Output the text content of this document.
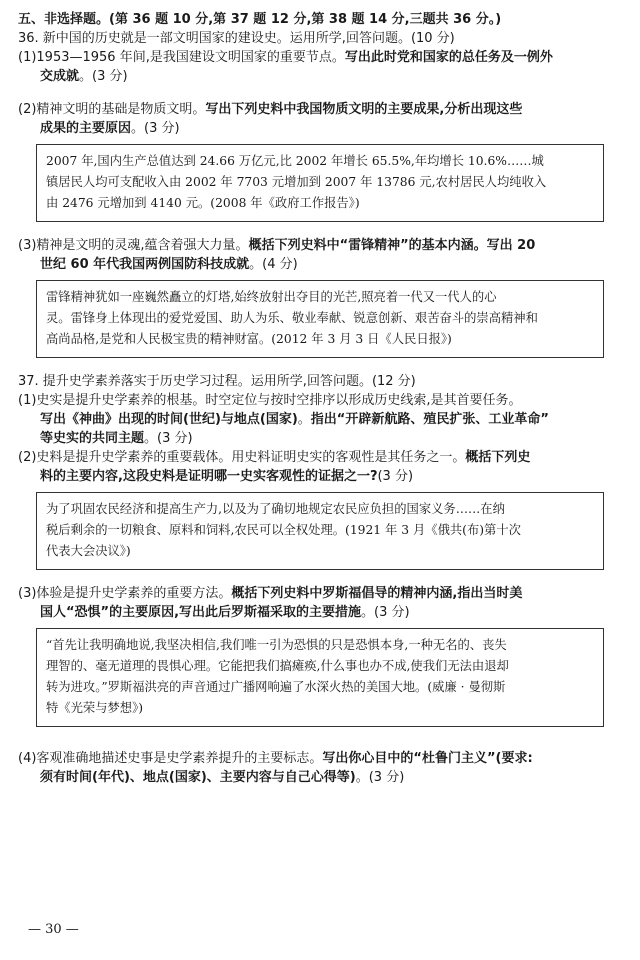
五、非选择题。(第 36 题 10 分,第 37 题 12 分,第 38 题 14 分,三题共 36 分。)
36. 新中国的历史就是一部文明国家的建设史。运用所学,回答问题。(10 分)
(1)1953—1956 年间,是我国建设文明国家的重要节点。写出此时党和国家的总任务及一例外
交成就。(3 分)
(2)精神文明的基础是物质文明。写出下列史料中我国物质文明的主要成果,分析出现这些
成果的主要原因。(3 分)
2007 年,国内生产总值达到 24.66 万亿元,比 2002 年增长 65.5%,年均增长 10.6%……城
镇居民人均可支配收入由 2002 年 7703 元增加到 2007 年 13786 元,农村居民人均纯收入
由 2476 元增加到 4140 元。(2008 年《政府工作报告》)
(3)精神是文明的灵魂,蕴含着强大力量。概括下列史料中“雷锋精神”的基本内涵。写出 20
世纪 60 年代我国两例国防科技成就。(4 分)
雷锋精神犹如一座巍然矗立的灯塔,始终放射出夺目的光芒,照亮着一代又一代人的心
灵。雷锋身上体现出的爱党爱国、助人为乐、敬业奉献、锐意创新、艰苦奋斗的崇高精神和
高尚品格,是党和人民极宝贵的精神财富。(2012 年 3 月 3 日《人民日报》)
37. 提升史学素养落实于历史学习过程。运用所学,回答问题。(12 分)
(1)史实是提升史学素养的根基。时空定位与按时空排序以形成历史线索,是其首要任务。
写出《神曲》出现的时间(世纪)与地点(国家)。指出“开辟新航路、殖民扩张、工业革命”
等史实的共同主题。(3 分)
(2)史料是提升史学素养的重要载体。用史料证明史实的客观性是其任务之一。概括下列史
料的主要内容,这段史料是证明哪一史实客观性的证据之一?(3 分)
为了巩固农民经济和提高生产力,以及为了确切地规定农民应负担的国家义务……在纳
税后剩余的一切粮食、原料和饲料,农民可以全权处理。(1921 年 3 月《俄共(布)第十次
代表大会决议》)
(3)体验是提升史学素养的重要方法。概括下列史料中罗斯福倡导的精神内涵,指出当时美
国人“恐惧”的主要原因,写出此后罗斯福采取的主要措施。(3 分)
“首先让我明确地说,我坚决相信,我们唯一引为恐惧的只是恐惧本身,一种无名的、丧失
理智的、毫无道理的畏惧心理。它能把我们搞瘫痪,什么事也办不成,使我们无法由退却
转为进攻。”罗斯福洪亮的声音通过广播网响遍了水深火热的美国大地。(威廉 · 曼彻斯
特《光荣与梦想》)
(4)客观准确地描述史事是史学素养提升的主要标志。写出你心目中的“杜鲁门主义”(要求:
须有时间(年代)、地点(国家)、主要内容与自己心得等)。(3 分)
— 30 —
